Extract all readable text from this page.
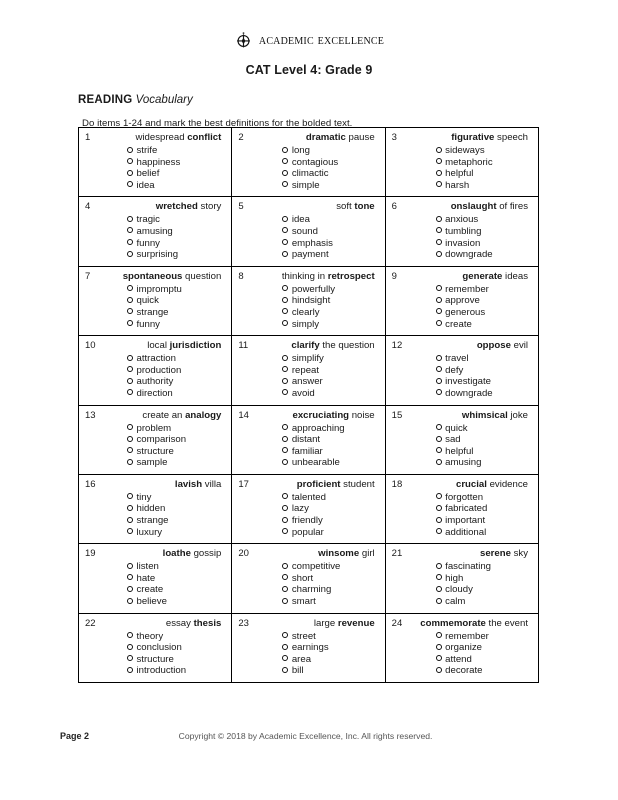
academic excellence
CAT Level 4: Grade 9
READING Vocabulary
Do items 1-24 and mark the best definitions for the bolded text.
1	widespread conflict
strife
happiness
belief
idea

2	dramatic pause
long
contagious
climactic
simple

3	figurative speech
sideways
metaphoric
helpful
harsh

4	wretched story
tragic
amusing
funny
surprising

5	soft tone
idea
sound
emphasis
payment

6	onslaught of fires
anxious
tumbling
invasion
downgrade

7	spontaneous question
impromptu
quick
strange
funny

8	thinking in retrospect
powerfully
hindsight
clearly
simply

9	generate ideas
remember
approve
generous
create

10	local jurisdiction
attraction
production
authority
direction

11	clarify the question
simplify
repeat
answer
avoid

12	oppose evil
travel
defy
investigate
downgrade

13	create an analogy
problem
comparison
structure
sample

14	excruciating noise
approaching
distant
familiar
unbearable

15	whimsical joke
quick
sad
helpful
amusing

16	lavish villa
tiny
hidden
strange
luxury

17	proficient student
talented
lazy
friendly
popular

18	crucial evidence
forgotten
fabricated
important
additional

19	loathe gossip
listen
hate
create
believe

20	winsome girl
competitive
short
charming
smart

21	serene sky
fascinating
high
cloudy
calm

22	essay thesis
theory
conclusion
structure
introduction

23	large revenue
street
earnings
area
bill

24	commemorate the event
remember
organize
attend
decorate
Page 2	Copyright © 2018 by Academic Excellence, Inc. All rights reserved.
